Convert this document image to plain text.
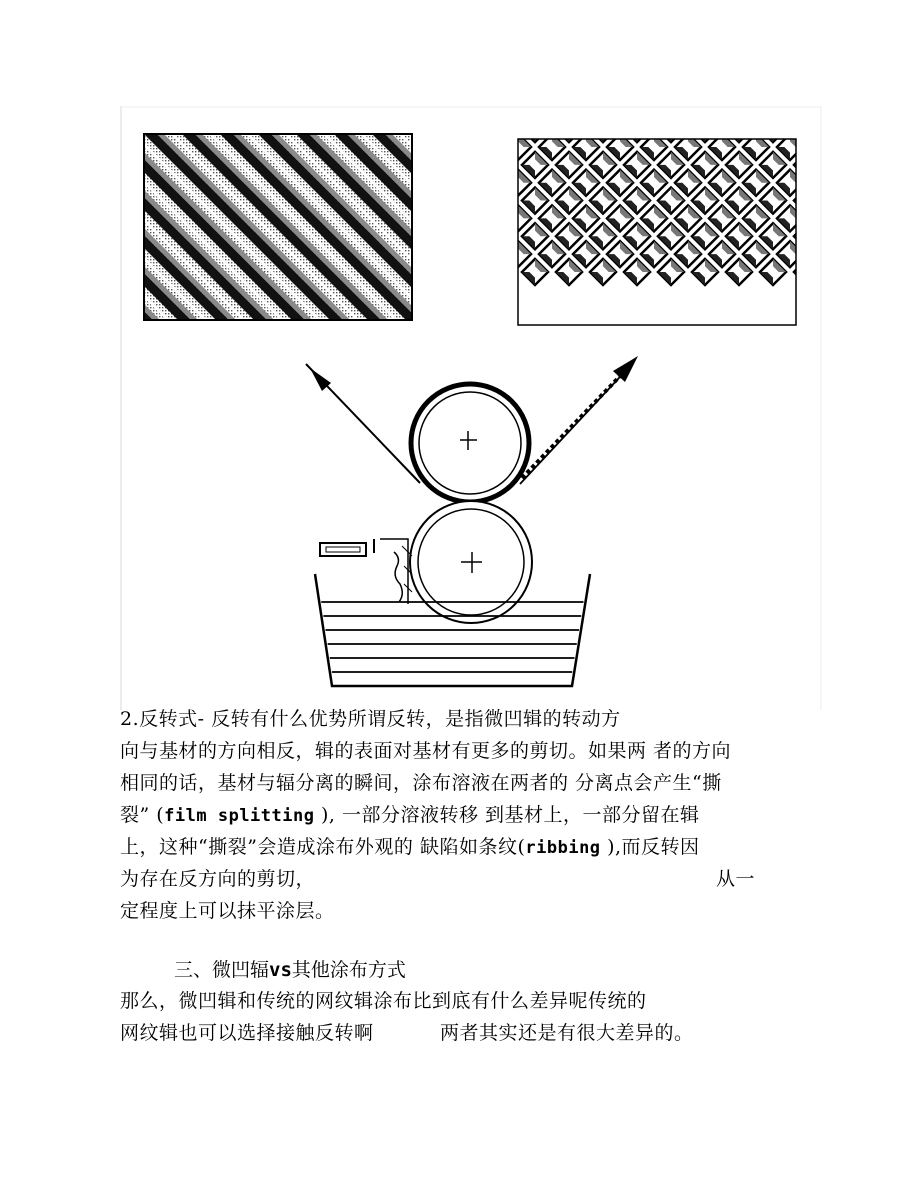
2.反转式- 反转有什么优势所谓反转，是指微凹辑的转动方
向与基材的方向相反，辑的表面对基材有更多的剪切。如果两 者的方向
相同的话，基材与辐分离的瞬间，涂布溶液在两者的 分离点会产生“撕
裂” (film splitting ), 一部分溶液转移 到基材上，一部分留在辑
上，这种“撕裂”会造成涂布外观的 缺陷如条纹(ribbing ),而反转因
为存在反方向的剪切，	从一
定程度上可以抹平涂层。
三、微凹辐vs其他涂布方式
那么，微凹辑和传统的网纹辑涂布比到底有什么差异呢传统的
网纹辑也可以选择接触反转啊	两者其实还是有很大差异的。
